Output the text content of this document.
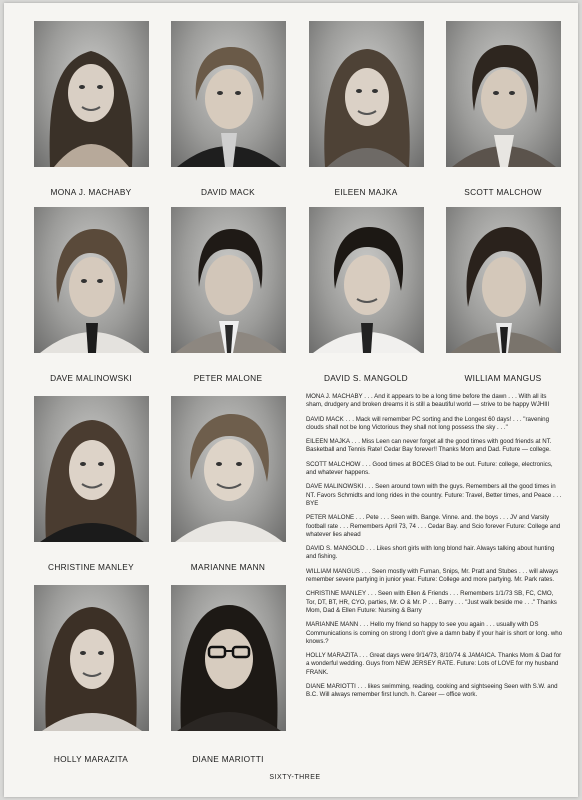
MONA J. MACHABY	DAVID MACK	EILEEN MAJKA	SCOTT MALCHOW
DAVE MALINOWSKI	PETER MALONE	DAVID S. MANGOLD	WILLIAM MANGUS
CHRISTINE MANLEY	MARIANNE MANN
HOLLY MARAZITA	DIANE MARIOTTI

MONA J. MACHABY . . . And it appears to be a long time before the dawn . . . With all its sham, drudgery and broken dreams it is still a beautiful world — strive to be happy WJHIII

DAVID MACK . . . Mack will remember PC sorting and the Longest 60 days! . . . "ravening clouds shall not be long Victorious they shall not long possess the sky . . ."

EILEEN MAJKA . . . Miss Leen can never forget all the good times with good friends at NT. Basketball and Tennis Rate! Cedar Bay forever!! Thanks Mom and Dad. Future — college.

SCOTT MALCHOW . . . Good times at BOCES Glad to be out. Future: college, electronics, and whatever happens.

DAVE MALINOWSKI . . . Seen around town with the guys. Remembers all the good times in NT. Favors Schmidts and long rides in the country. Future: Travel, Better times, and Peace . . . BYE

PETER MALONE . . . Pete . . . Seen with. Bange. Vinne. and. the boys . . . JV and Varsity football rate . . . Remembers April 73, 74 . . . Cedar Bay. and Scio forever Future: College and whatever lies ahead

DAVID S. MANGOLD . . . Likes short girls with long blond hair. Always talking about hunting and fishing.

WILLIAM MANGUS . . . Seen mostly with Fuman, Snips, Mr. Pratt and Stubes . . . will always remember severe partying in junior year. Future: College and more partying. Mr. Park rates.

CHRISTINE MANLEY . . . Seen with Ellen & Friends . . . Remembers 1/1/73 SB, FC, CMO, Tor, DT, BT, HR, CYO, parties, Mr. O & Mr. P . . . Barry . . . "Just walk beside me . . ." Thanks Mom, Dad & Ellen Future: Nursing & Barry

MARIANNE MANN . . . Hello my friend so happy to see you again . . . usually with DS Communications is coming on strong I don't give a damn baby if your hair is short or long. who knows.?

HOLLY MARAZITA . . . Great days were 9/14/73, 8/10/74 & JAMAICA. Thanks Mom & Dad for a wonderful wedding. Guys from NEW JERSEY RATE. Future: Lots of LOVE for my husband FRANK.

DIANE MARIOTTI . . . likes swimming, reading, cooking and sightseeing Seen with S.W. and B.C. Will always remember first lunch. h. Career — office work.

SIXTY-THREE
